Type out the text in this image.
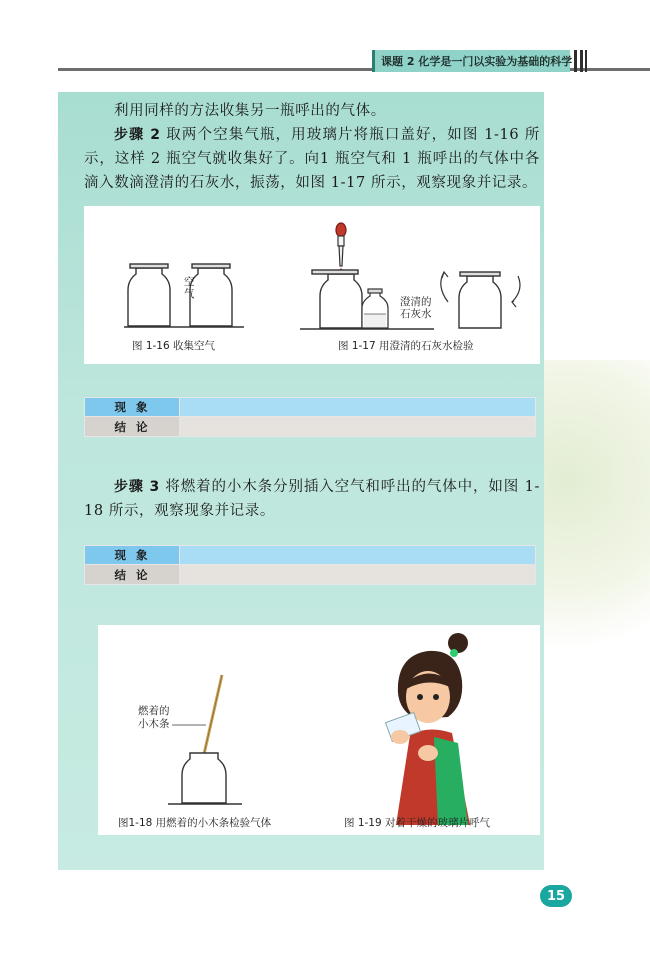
课题 2 化学是一门以实验为基础的科学
利用同样的方法收集另一瓶呼出的气体。
步骤 2 取两个空集气瓶，用玻璃片将瓶口盖好，如图 1-16 所示，这样 2 瓶空气就收集好了。向1 瓶空气和 1 瓶呼出的气体中各滴入数滴澄清的石灰水，振荡，如图 1-17 所示，观察现象并记录。
空气
澄清的
石灰水
图 1-16 收集空气	图 1-17 用澄清的石灰水检验
现象
结论
步骤 3 将燃着的小木条分别插入空气和呼出的气体中，如图 1-18 所示，观察现象并记录。
现象
结论
燃着的
小木条
图1-18 用燃着的小木条检验气体	图 1-19 对着干燥的玻璃片呼气
15
